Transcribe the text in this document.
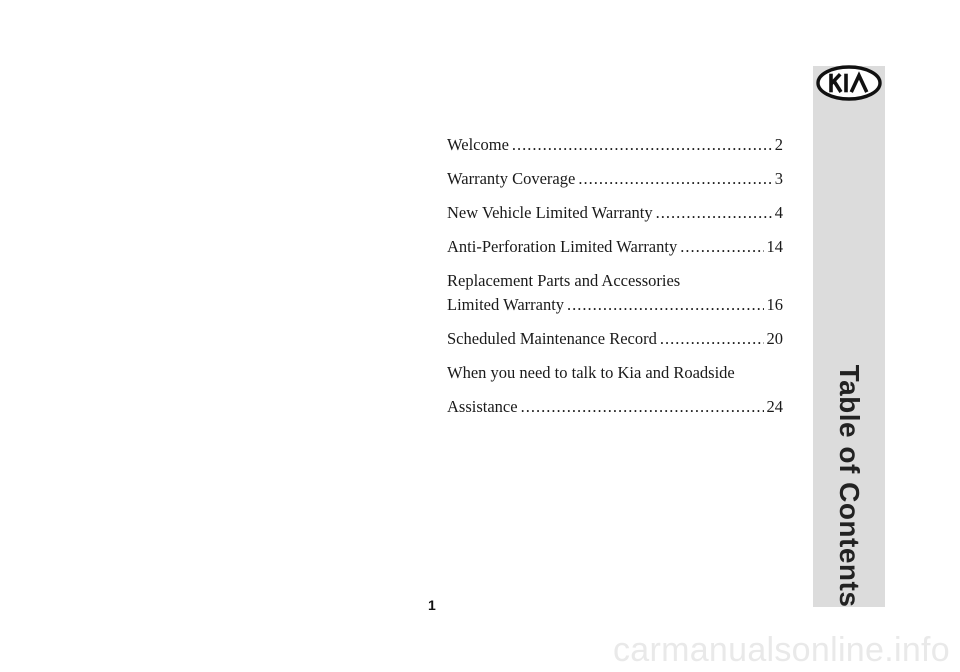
Table of Contents
Welcome .....	2
Warranty Coverage .....	3
New Vehicle Limited Warranty .....	4
Anti-Perforation Limited Warranty .....	14
Replacement Parts and Accessories
Limited Warranty .....	16
Scheduled Maintenance Record .....	20
When you need to talk to Kia and Roadside
Assistance .....	24
1
carmanualsonline.info
